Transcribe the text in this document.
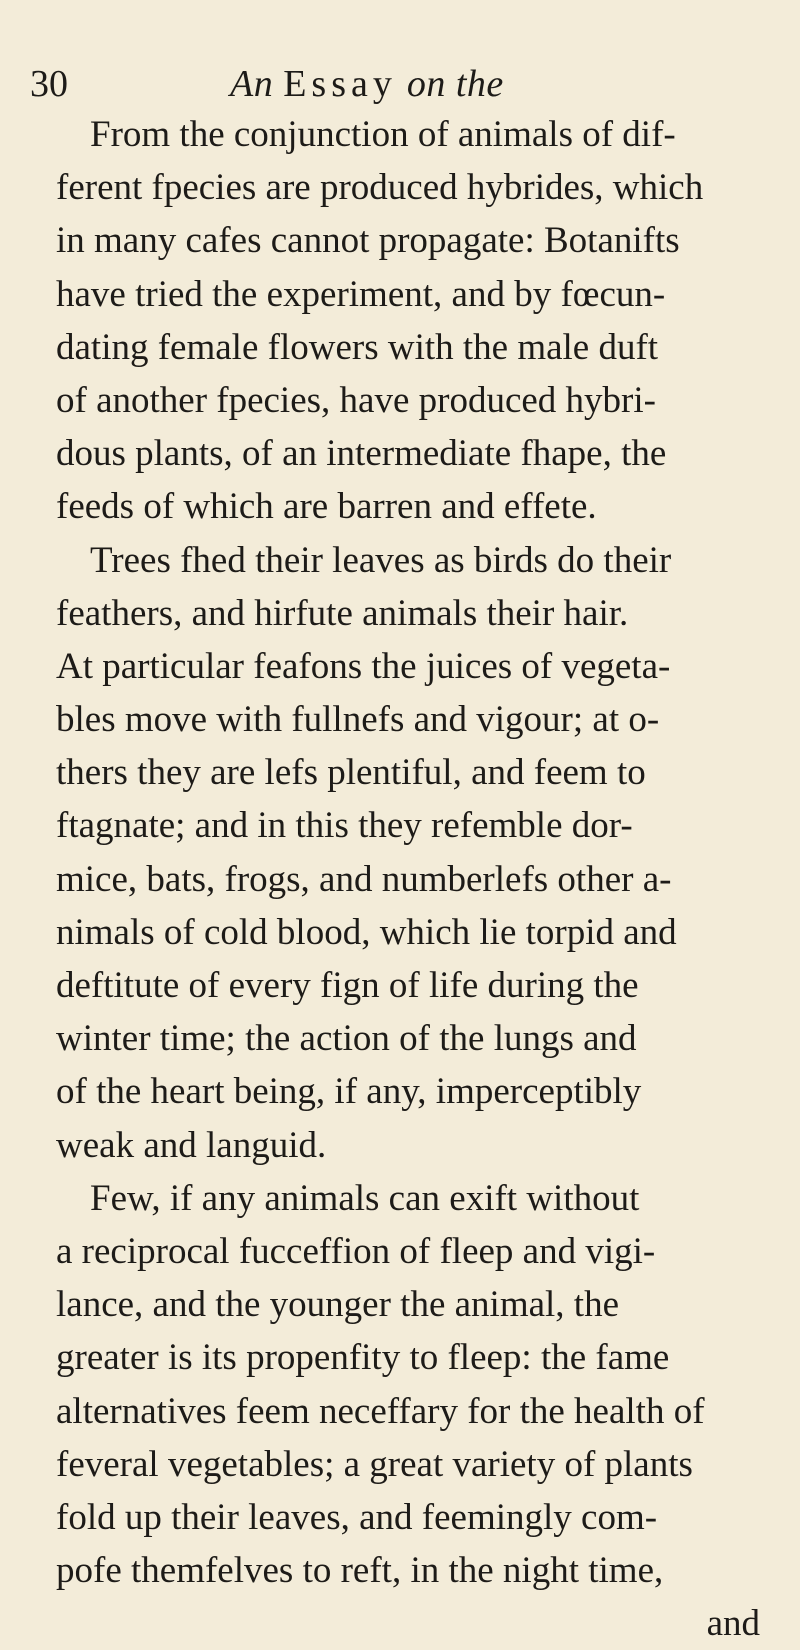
30	An Essay on the
From the conjunction of animals of dif-
ferent fpecies are produced hybrides, which
in many cafes cannot propagate: Botanifts
have tried the experiment, and by fœcun-
dating female flowers with the male duft
of another fpecies, have produced hybri-
dous plants, of an intermediate fhape, the
feeds of which are barren and effete.
Trees fhed their leaves as birds do their
feathers, and hirfute animals their hair.
At particular feafons the juices of vegeta-
bles move with fullnefs and vigour; at o-
thers they are lefs plentiful, and feem to
ftagnate; and in this they refemble dor-
mice, bats, frogs, and numberlefs other a-
nimals of cold blood, which lie torpid and
deftitute of every fign of life during the
winter time; the action of the lungs and
of the heart being, if any, imperceptibly
weak and languid.
Few, if any animals can exift without
a reciprocal fucceffion of fleep and vigi-
lance, and the younger the animal, the
greater is its propenfity to fleep: the fame
alternatives feem neceffary for the health of
feveral vegetables; a great variety of plants
fold up their leaves, and feemingly com-
pofe themfelves to reft, in the night time,
and
